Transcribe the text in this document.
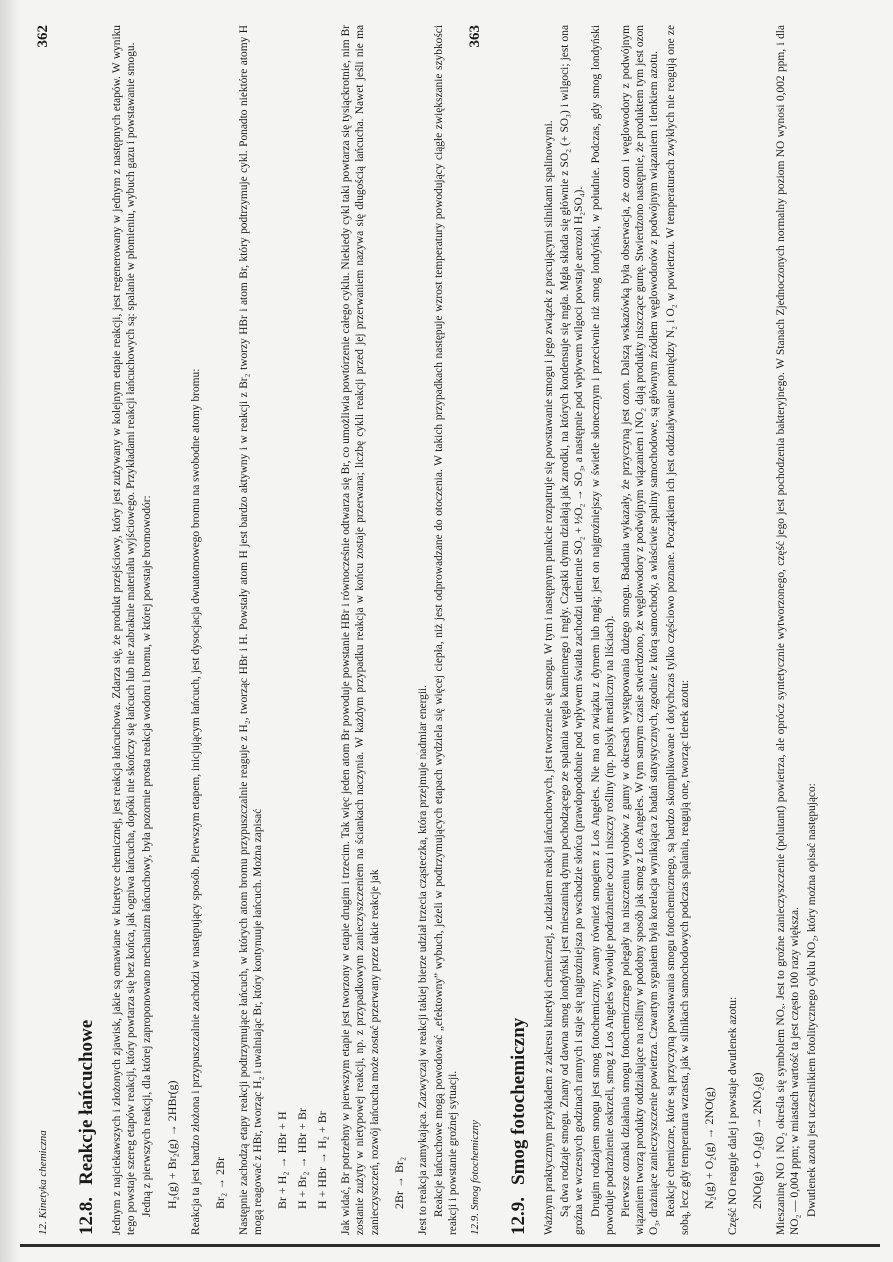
12. Kinetyka chemiczna
362
12.8.Reakcje łańcuchowe Jednym z najciekawszych i złożonych zjawisk, jakie są omawiane w kinetyce chemicznej, jest reakcja łańcuchowa. Zdarza się, że produkt przejściowy, który jest zużywany w kolejnym etapie reakcji, jest regenerowany w jednym z następnych etapów. W wyniku tego powstaje szereg etapów reakcji, który powtarza się bez końca, jak ogniwa łańcucha, dopóki nie skończy się łańcuch lub nie zabraknie materiału wyjściowego. Przykładami reakcji łańcuchowych są: spalanie w płomieniu, wybuch gazu i powstawanie smogu. Jedną z pierwszych reakcji, dla której zaproponowano mechanizm łańcuchowy, była pozornie prosta reakcja wodoru i bromu, w której powstaje bromowodór: H₂(g) + Br₂(g) → 2HBr(g) Reakcja ta jest bardzo złożona i przypuszczalnie zachodzi w następujący sposób. Pierwszym etapem, inicjującym łańcuch, jest dysocjacja dwuatomowego bromu na swobodne atomy bromu: Br₂ → 2Br Następnie zachodzą etapy reakcji podtrzymujące łańcuch, w których atom bromu przypuszczalnie reaguje z H₂, tworząc HBr i H. Powstały atom H jest bardzo aktywny i w reakcji z Br₂ tworzy HBr i atom Br, który podtrzymuje cykl. Ponadto niektóre atomy H mogą reagować z HBr, tworząc H₂ i uwalniając Br, który kontynuuje łańcuch. Można zapisać Br + H₂ → HBr + H H + Br₂ → HBr + Br H + HBr → H₂ + Br Jak widać, Br potrzebny w pierwszym etapie jest tworzony w etapie drugim i trzecim. Tak więc jeden atom Br powoduje powstanie HBr i równocześnie odtwarza się Br, co umożliwia powtórzenie całego cyklu. Niekiedy cykl taki powtarza się tysiąckrotnie, nim Br zostanie zużyty w nietypowej reakcji, np. z przypadkowym zanieczyszczeniem na ściankach naczynia. W każdym przypadku reakcja w końcu zostaje przerwana; liczbę cykli reakcji przed jej przerwaniem nazywa się długością łańcucha. Nawet jeśli nie ma zanieczyszczeń, rozwój łańcucha może zostać przerwany przez takie reakcje jak 2Br → Br₂ Jest to reakcja zamykająca. Zazwyczaj w reakcji takiej bierze udział trzecia cząsteczka, która przejmuje nadmiar energii. Reakcje łańcuchowe mogą powodować „efektowny” wybuch, jeżeli w podtrzymujących etapach wydziela się więcej ciepła, niż jest odprowadzane do otoczenia. W takich przypadkach następuje wzrost temperatury powodujący ciągłe zwiększanie szybkości reakcji i powstanie groźnej sytuacji. 12.9. Smog fotochemiczny
363
12.9.Smog fotochemiczny Ważnym praktycznym przykładem z zakresu kinetyki chemicznej, z udziałem reakcji łańcuchowych, jest tworzenie się smogu. W tym i następnym punkcie rozpatruje się powstawanie smogu i jego związek z pracującymi silnikami spalinowymi. Są dwa rodzaje smogu. Znany od dawna smog londyński jest mieszaniną dymu pochodzącego ze spalania węgla kamiennego i mgły. Cząstki dymu działają jak zarodki, na których kondensuje się mgła. Mgła składa się głównie z SO₂ (+ SO₃) i wilgoci; jest ona groźna we wczesnych godzinach rannych i staje się najgroźniejsza po wschodzie słońca (prawdopodobnie pod wpływem światła zachodzi utlenienie SO₂ + ½O₂ → SO₃, a następnie pod wpływem wilgoci powstaje aerozol H₂SO₄). Drugim rodzajem smogu jest smog fotochemiczny, zwany również smogiem z Los Angeles. Nie ma on związku z dymem lub mgłą; jest on najgroźniejszy w świetle słonecznym i przeciwnie niż smog londyński, w południe. Podczas, gdy smog londyński powoduje podrażnienie oskrzeli, smog z Los Angeles wywołuje podrażnienie oczu i niszczy rośliny (np. polsyk metaliczny na liściach). Pierwsze oznaki działania smogu fotochemicznego polegały na niszczeniu wyrobów z gumy w okresach występowania dużego smogu. Badania wykazały, że przyczyną jest ozon. Dalszą wskazówką była obserwacja, że ozon i węglowodory z podwójnym wiązaniem tworzą produkty oddziałujące na rośliny w podobny sposób jak smog z Los Angeles. W tym samym czasie stwierdzono, że węglowodory z podwójnym wiązaniem i NO₂ dają produkty niszczące gumę. Stwierdzono następnie, że produktem tym jest ozon O₃, drażniące zanieczyszczenie powietrza. Czwartym sygnałem była korelacja wynikająca z badań statystycznych, zgodnie z którą samochody, a właściwie spaliny samochodowe, są głównym źródłem węglowodorów z podwójnym wiązaniem i tlenkiem azotu. Reakcje chemiczne, które są przyczyną powstawania smogu fotochemicznego, są bardzo skomplikowane i dotychczas tylko częściowo poznane. Początkiem ich jest oddziaływanie pomiędzy N₂ i O₂ w powietrzu. W temperaturach zwykłych nie reagują one ze sobą, lecz gdy temperatura wzrasta, jak w silnikach samochodowych podczas spalania, reagują one, tworząc tlenek azotu: N₂(g) + O₂(g) → 2NO(g) Część NO reaguje dalej i powstaje dwutlenek azotu: 2NO(g) + O₂(g) → 2NO₂(g) Mieszaninę NO i NO₂ określa się symbolem NOₓ. Jest to groźne zanieczyszczenie (polutant) powietrza, ale oprócz syntetycznie wytworzonego, część jego jest pochodzenia bakteryjnego. W Stanach Zjednoczonych normalny poziom NO wynosi 0,002 ppm, i dla NO₂ — 0,004 ppm; w miastach wartość ta jest często 100 razy większa. Dwutlenek azotu jest uczestnikiem fotolitycznego cyklu NO₂, który można opisać następująco:
